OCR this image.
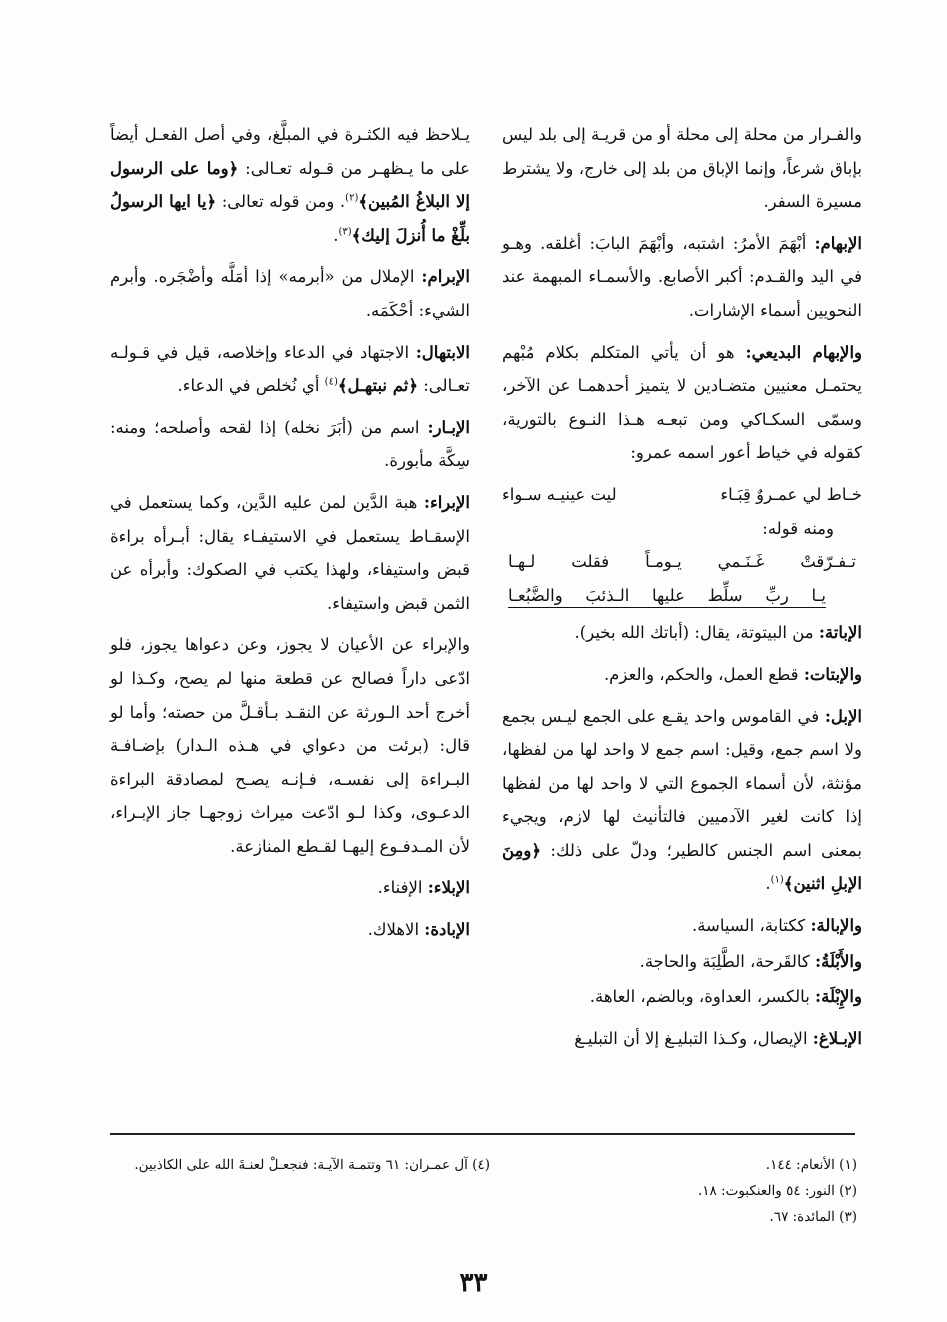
والفـرار من محلة إلى محلة أو من قريـة إلى بلد ليس بإباق شرعاً، وإنما الإباق من بلد إلى خارج، ولا يشترط مسيرة السفر.

الإبهام: أبْهَمَ الأمرُ: اشتبه، وأبْهَمَ البابَ: أغلقه. وهـو في اليد والقـدم: أكبر الأصابع. والأسمـاء المبهمة عند النحويين أسماء الإشارات.

والإبهام البديعي: هو أن يأتي المتكلم بكلام مُبْهم يحتمـل معنيين متضـادين لا يتميز أحدهمـا عن الآخر، وسمّى السكـاكي ومن تبعـه هـذا النـوع بالتورية، كقوله في خياط أعور اسمه عمرو:

خـاط لي عمـروٌ قِبَـاء
ليت عينيـه سـواء
ومنه قوله:
تـفـرّقتْ غَـنَـمي يـومـاً فقلت لـهـا
يـا ربِّ سلِّط عليها الـذئبَ والضَّبُعـا

الإباتة: من البيتوتة، يقال: (أباتك الله بخير).

والإبتات: قطع العمل، والحكم، والعزم.

الإبل: في القاموس واحد يقـع على الجمع ليـس بجمع ولا اسم جمع، وقيل: اسم جمع لا واحد لها من لفظها، مؤنثة، لأن أسماء الجموع التي لا واحد لها من لفظها إذا كانت لغير الآدميين فالتأنيث لها لازم، ويجيء بمعنى اسم الجنس كالطير؛ ودلّ على ذلك: ﴿ومِنَ الإبلِ اثنين﴾$^{(١)}$.

والإبالة: ككتابة، السياسة.

والأَبْلَةُ: كالقَرحة، الطَّلِبَة والحاجة.

والإِبْلَة: بالكسر، العداوة، وبالضم، العاهة.

الإبـلاغ: الإيصال، وكـذا التبليـغ إلا أن التبليـغ

يـلاحظ فيه الكثـرة في المبلَّغ، وفي أصل الفعـل أيضاً على ما يـظهـر من قـوله تعـالى: ﴿وما على الرسول إلا البلاغُ المُبين﴾$^{(٢)}$. ومن قوله تعالى: ﴿يا ايها الرسولُ بلِّغْ ما أُنزلَ إليك﴾$^{(٣)}$.

الإبرام: الإملال من «أبرمه» إذا أمَلَّه وأضْجَره. وأبرم الشيء: أحْكَمَه.

الابتهال: الاجتهاد في الدعاء وإخلاصه، قيل في قـولـه تعـالى: ﴿ثم نبتهـل﴾$^{(٤)}$ أي نُخلص في الدعاء.

الإبـار: اسم من (أبَرَ نخله) إذا لقحه وأصلحه؛ ومنه: سِكَّة مأبورة.

الإبراء: هبة الدَّين لمن عليه الدَّين، وكما يستعمل في الإسقـاط يستعمل في الاستيفـاء يقال: أبـرأه براءة قبض واستيفاء، ولهذا يكتب في الصكوك: وأبرأه عن الثمن قبض واستيفاء.

والإبراء عن الأعيان لا يجوز، وعن دعواها يجوز، فلو ادّعى داراً فصالح عن قطعة منها لم يصح، وكـذا لو أخرج أحد الـورثة عن النقـد بـأقـلَّ من حصته؛ وأما لو قال: (برئت من دعواي في هـذه الـدار) بإضـافـة البـراءة إلى نفسـه، فـإنـه يصـح لمصادقة البراءة الدعـوى، وكذا لـو ادّعت ميراث زوجهـا جاز الإبـراء، لأن المـدفـوع إليهـا لقـطع المنازعة.

الإبلاء: الإفناء.

الإبادة: الاهلاك.

(١) الأنعام: ١٤٤.

(٢) النور: ٥٤ والعنكبوت: ١٨.

(٣) المائدة: ٦٧.

(٤) آل عمـران: ٦١ وتتمـة الآيـة: فنجعـلْ لعنـةَ الله على الكاذبين.

٣٣
